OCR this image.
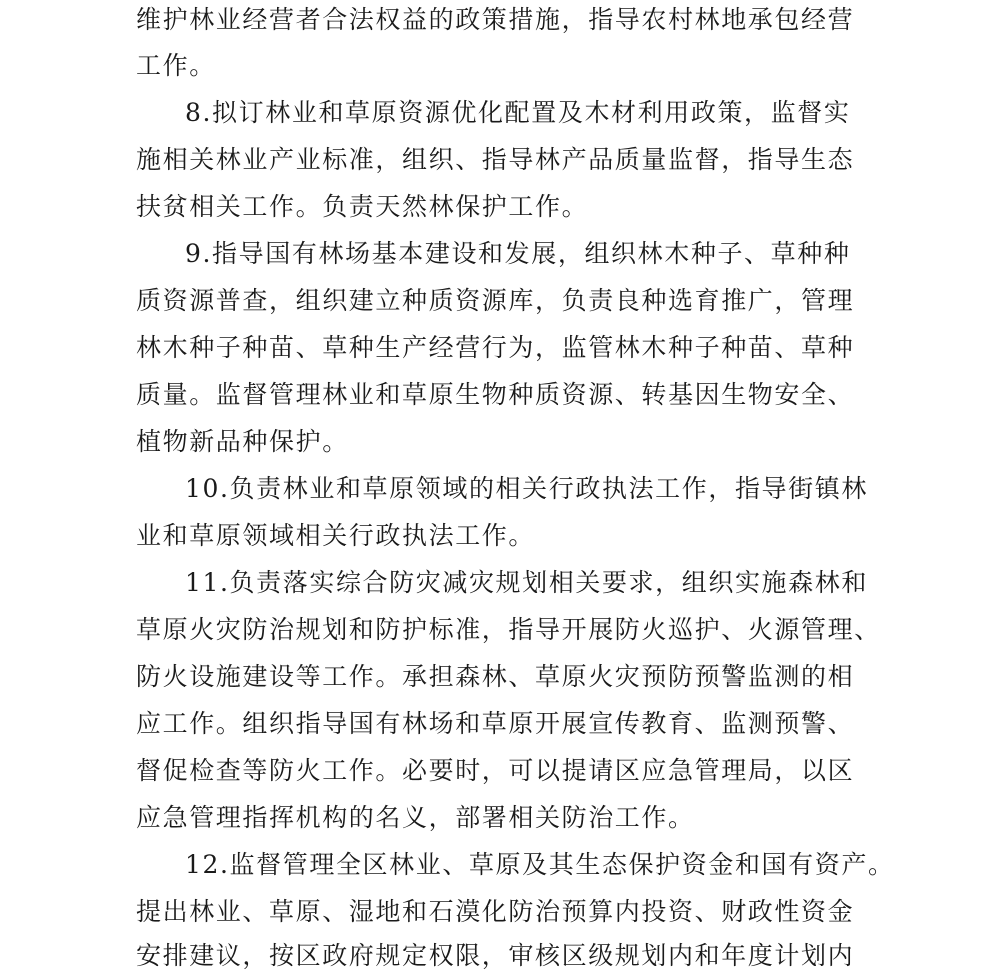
维护林业经营者合法权益的政策措施，指导农村林地承包经营
工作。
8.拟订林业和草原资源优化配置及木材利用政策，监督实
施相关林业产业标准，组织、指导林产品质量监督，指导生态
扶贫相关工作。负责天然林保护工作。
9.指导国有林场基本建设和发展，组织林木种子、草种种
质资源普查，组织建立种质资源库，负责良种选育推广，管理
林木种子种苗、草种生产经营行为，监管林木种子种苗、草种
质量。监督管理林业和草原生物种质资源、转基因生物安全、
植物新品种保护。
10.负责林业和草原领域的相关行政执法工作，指导街镇林
业和草原领域相关行政执法工作。
11.负责落实综合防灾减灾规划相关要求，组织实施森林和
草原火灾防治规划和防护标准，指导开展防火巡护、火源管理、
防火设施建设等工作。承担森林、草原火灾预防预警监测的相
应工作。组织指导国有林场和草原开展宣传教育、监测预警、
督促检查等防火工作。必要时，可以提请区应急管理局，以区
应急管理指挥机构的名义，部署相关防治工作。
12.监督管理全区林业、草原及其生态保护资金和国有资产。
提出林业、草原、湿地和石漠化防治预算内投资、财政性资金
安排建议，按区政府规定权限，审核区级规划内和年度计划内
